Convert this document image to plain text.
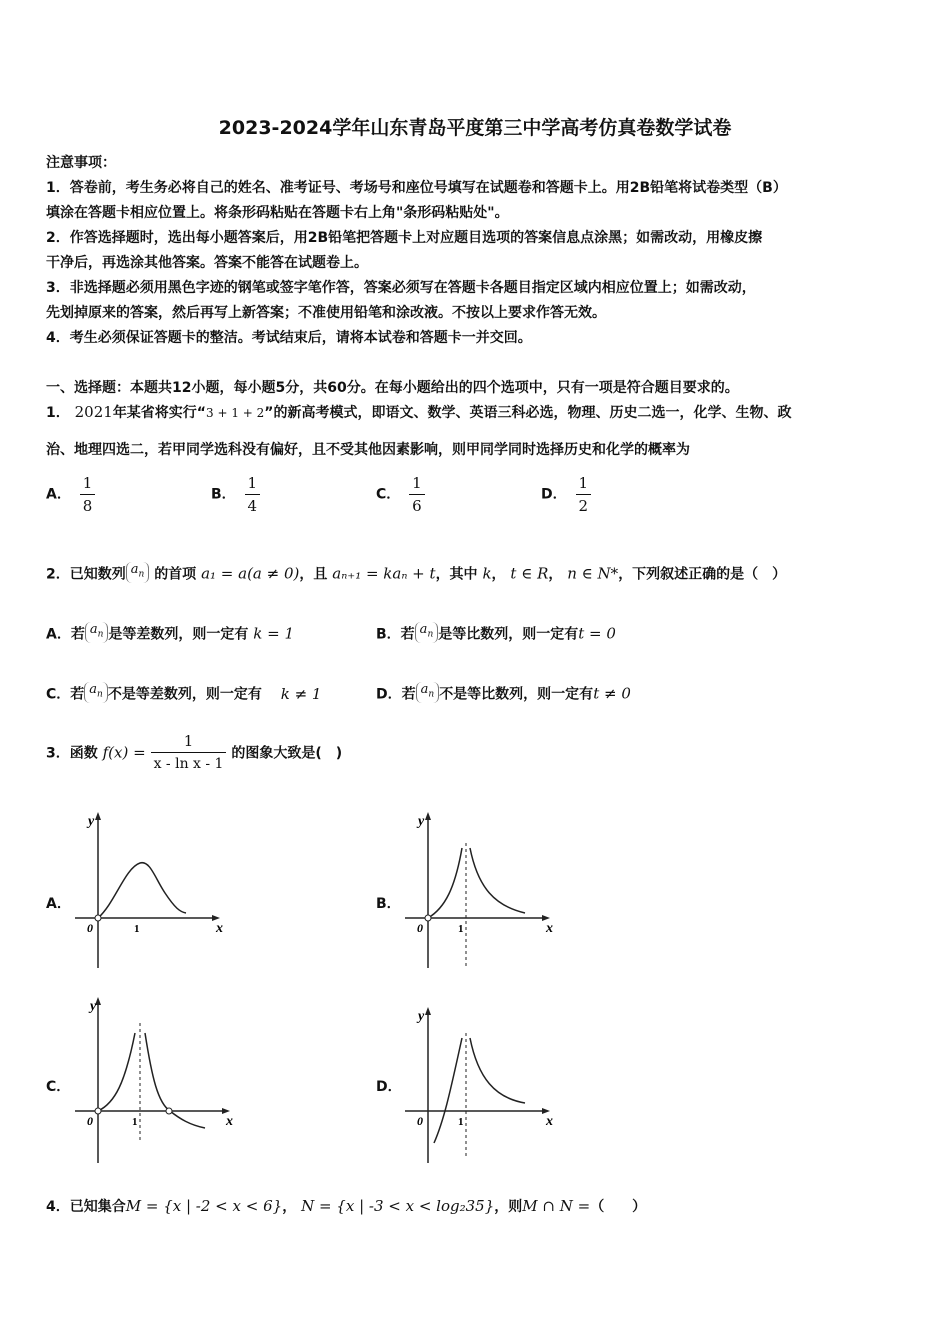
2023-2024学年山东青岛平度第三中学高考仿真卷数学试卷
注意事项：
1．答卷前，考生务必将自己的姓名、准考证号、考场号和座位号填写在试题卷和答题卡上。用2B铅笔将试卷类型（B）
填涂在答题卡相应位置上。将条形码粘贴在答题卡右上角"条形码粘贴处"。
2．作答选择题时，选出每小题答案后，用2B铅笔把答题卡上对应题目选项的答案信息点涂黑；如需改动，用橡皮擦
干净后，再选涂其他答案。答案不能答在试题卷上。
3．非选择题必须用黑色字迹的钢笔或签字笔作答，答案必须写在答题卡各题目指定区域内相应位置上；如需改动，
先划掉原来的答案，然后再写上新答案；不准使用铅笔和涂改液。不按以上要求作答无效。
4．考生必须保证答题卡的整洁。考试结束后，请将本试卷和答题卡一并交回。
一、选择题：本题共12小题，每小题5分，共60分。在每小题给出的四个选项中，只有一项是符合题目要求的。
1． 2021年某省将实行“3 + 1 + 2”的新高考模式，即语文、数学、英语三科必选，物理、历史二选一，化学、生物、政
治、地理四选二，若甲同学选科没有偏好，且不受其他因素影响，则甲同学同时选择历史和化学的概率为
A． $\frac{1}{8}$	B． $\frac{1}{4}$	C． $\frac{1}{6}$	D． $\frac{1}{2}$
2．已知数列 $a_n$ 的首项 a₁ = a(a ≠ 0)，且 aₙ₊₁ = kaₙ + t，其中 k， t ∈ R， n ∈ N*，下列叙述正确的是（　）
A．若 $a_n$ 是等差数列，则一定有 k = 1	B．若 $a_n$ 是等比数列，则一定有t = 0
C．若 $a_n$ 不是等差数列，则一定有 k ≠ 1	D．若 $a_n$ 不是等比数列，则一定有t ≠ 0
3．函数 $f(x) = \frac{1}{\text{x - ln x - 1}}$ 的图象大致是(　)
A．	B．
C．	D．
y
x
0	1
y
x
0	1
y
x
0	1
y
x
0	1
4．已知集合M = {x | -2 < x < 6}， N = {x | -3 < x < log₂35}，则M ∩ N =（　　）
